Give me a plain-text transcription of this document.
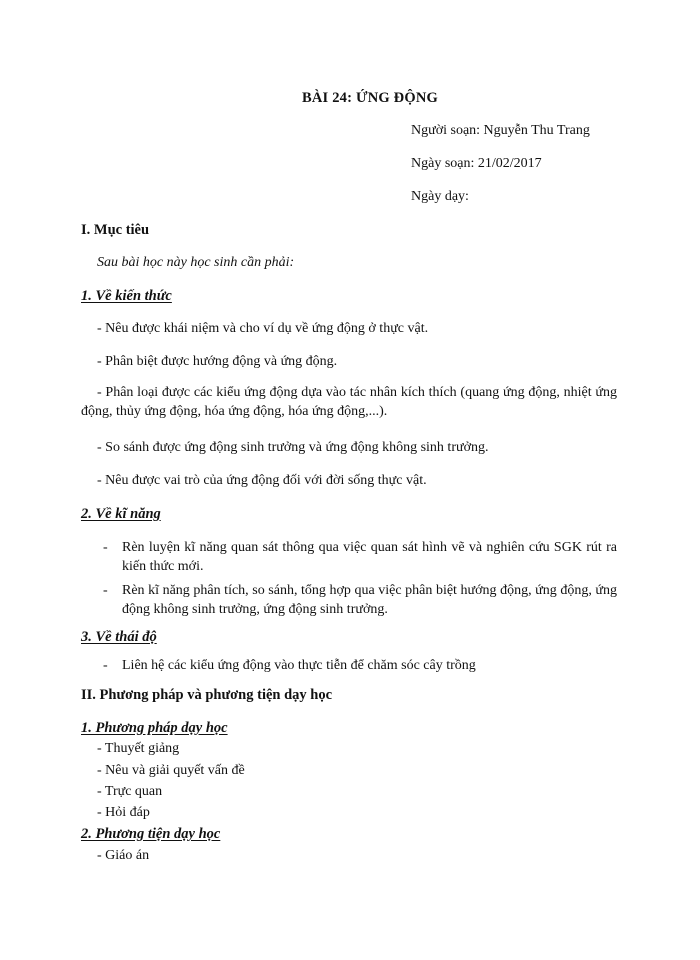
BÀI 24: ỨNG ĐỘNG
Người soạn: Nguyễn Thu Trang
Ngày soạn: 21/02/2017
Ngày dạy:
I. Mục tiêu
Sau bài học này học sinh cần phải:
1. Về kiến thức
- Nêu được khái niệm và cho ví dụ về ứng động ở thực vật.
- Phân biệt được hướng động và ứng động.
- Phân loại được các kiểu ứng động dựa vào tác nhân kích thích (quang ứng động, nhiệt ứng động, thủy ứng động, hóa ứng động, hóa ứng động,...).
- So sánh được ứng động sinh trưởng và ứng động không sinh trưởng.
- Nêu được vai trò của ứng động đối với đời sống thực vật.
2. Về kĩ năng
- Rèn luyện kĩ năng quan sát thông qua việc quan sát hình vẽ và nghiên cứu SGK rút ra kiến thức mới.
- Rèn kĩ năng phân tích, so sánh, tổng hợp qua việc phân biệt hướng động, ứng động, ứng động không sinh trưởng, ứng động sinh trưởng.
3. Về thái độ
- Liên hệ các kiểu ứng động vào thực tiễn để chăm sóc cây trồng
II. Phương pháp và phương tiện dạy học
1. Phương pháp dạy học
- Thuyết giảng
- Nêu và giải quyết vấn đề
- Trực quan
- Hỏi đáp
2. Phương tiện dạy học
- Giáo án
